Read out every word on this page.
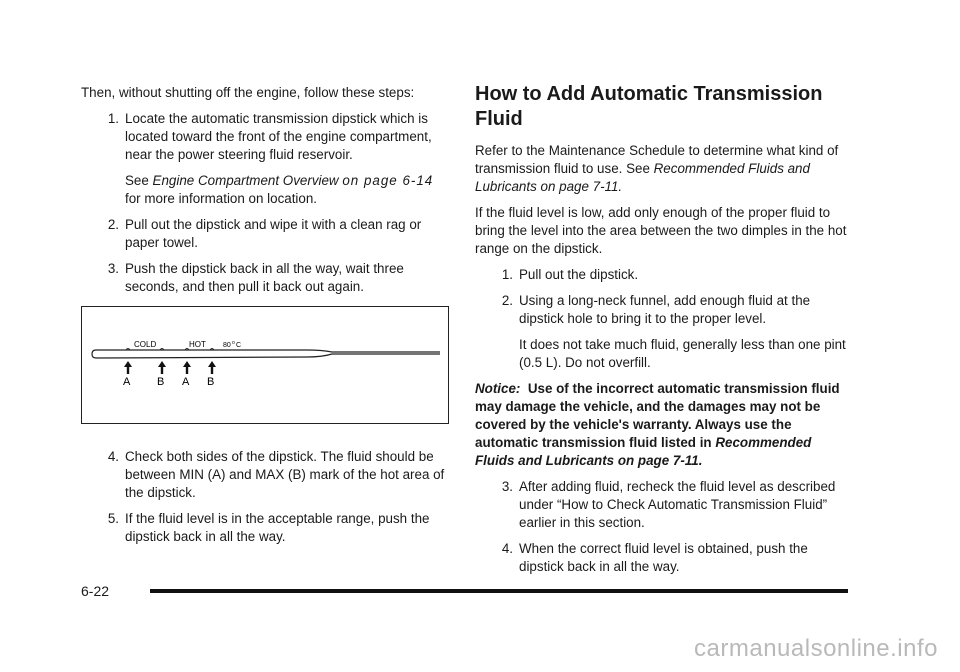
Then, without shutting off the engine, follow these steps:

1. Locate the automatic transmission dipstick which is located toward the front of the engine compartment, near the power steering fluid reservoir.

See Engine Compartment Overview on page 6-14
for more information on location.

2. Pull out the dipstick and wipe it with a clean rag or paper towel.
3. Push the dipstick back in all the way, wait three seconds, and then pull it back out again.
COLD	HOT 80 o C
A B A B
4. Check both sides of the dipstick. The fluid should be between MIN (A) and MAX (B) mark of the hot area of the dipstick.
5. If the fluid level is in the acceptable range, push the dipstick back in all the way.
How to Add Automatic Transmission Fluid

Refer to the Maintenance Schedule to determine what kind of transmission fluid to use. See Recommended Fluids and Lubricants on page 7-11.

If the fluid level is low, add only enough of the proper fluid to bring the level into the area between the two dimples in the hot range on the dipstick.

1. Pull out the dipstick.
2. Using a long-neck funnel, add enough fluid at the dipstick hole to bring it to the proper level.

It does not take much fluid, generally less than one pint (0.5 L). Do not overfill.

Notice: Use of the incorrect automatic transmission fluid may damage the vehicle, and the damages may not be covered by the vehicle's warranty. Always use the automatic transmission fluid listed in Recommended Fluids and Lubricants on page 7-11.

3. After adding fluid, recheck the fluid level as described under “How to Check Automatic Transmission Fluid” earlier in this section.
4. When the correct fluid level is obtained, push the dipstick back in all the way.
6-22
carmanualsonline.info
